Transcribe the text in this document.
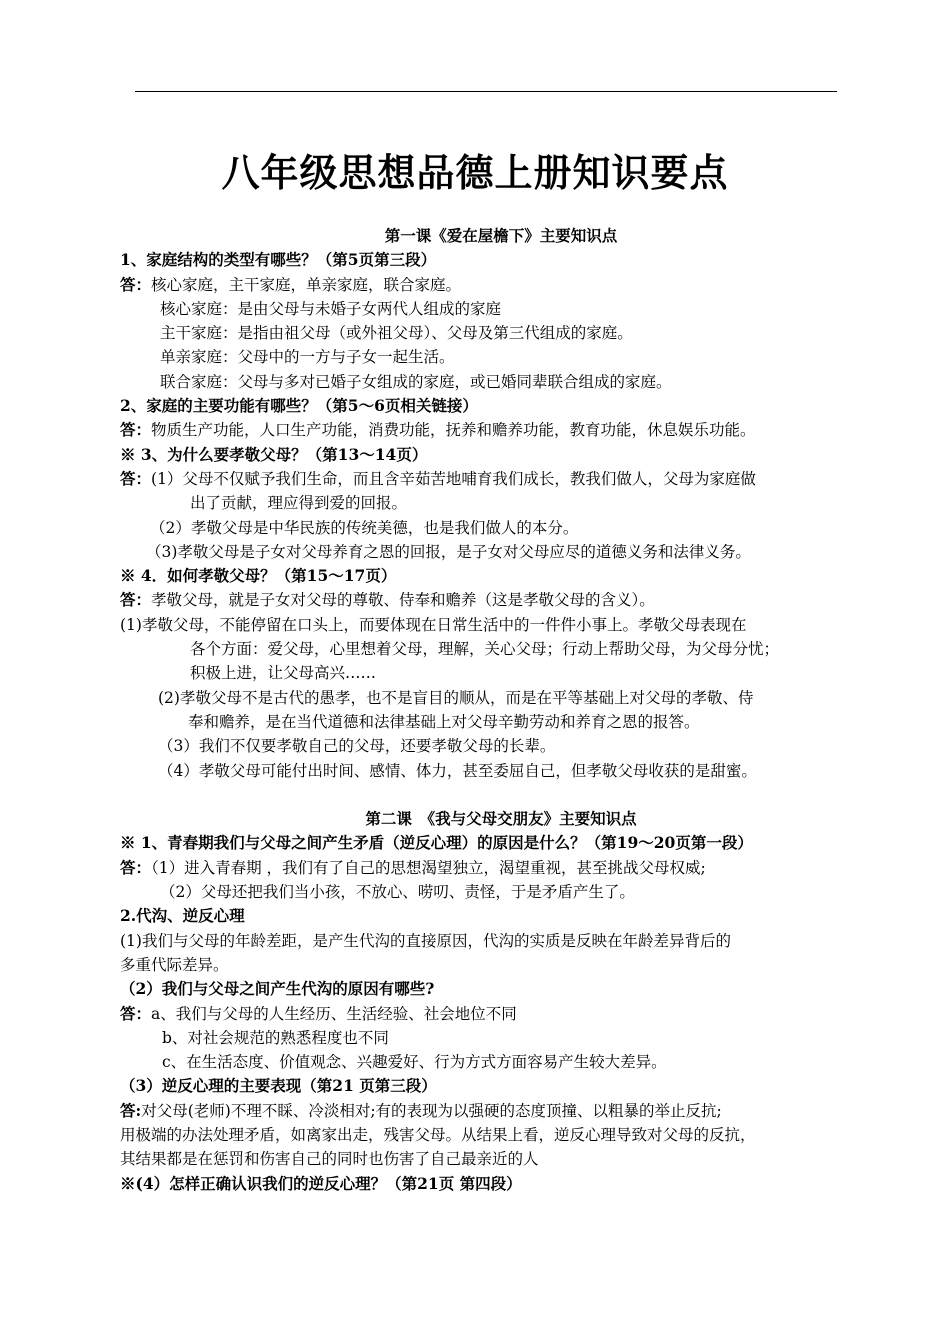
八年级思想品德上册知识要点
第一课《爱在屋檐下》主要知识点
1、家庭结构的类型有哪些？（第5页第三段）
答：核心家庭，主干家庭，单亲家庭，联合家庭。
核心家庭：是由父母与未婚子女两代人组成的家庭
主干家庭：是指由祖父母（或外祖父母）、父母及第三代组成的家庭。
单亲家庭：父母中的一方与子女一起生活。
联合家庭：父母与多对已婚子女组成的家庭，或已婚同辈联合组成的家庭。
2、家庭的主要功能有哪些？（第5～6页相关链接）
答：物质生产功能，人口生产功能，消费功能，抚养和赡养功能，教育功能，休息娱乐功能。
※ 3、为什么要孝敬父母？（第13～14页）
答：(1）父母不仅赋予我们生命，而且含辛茹苦地哺育我们成长，教我们做人，父母为家庭做
出了贡献，理应得到爱的回报。
（2）孝敬父母是中华民族的传统美德，也是我们做人的本分。
（3)孝敬父母是子女对父母养育之恩的回报，是子女对父母应尽的道德义务和法律义务。
※ 4．如何孝敬父母？（第15～17页）
答：孝敬父母，就是子女对父母的尊敬、侍奉和赡养（这是孝敬父母的含义）。
(1)孝敬父母，不能停留在口头上，而要体现在日常生活中的一件件小事上。孝敬父母表现在
各个方面：爱父母，心里想着父母，理解，关心父母；行动上帮助父母，为父母分忧；
积极上进，让父母高兴……
(2)孝敬父母不是古代的愚孝，也不是盲目的顺从，而是在平等基础上对父母的孝敬、侍
奉和赡养，是在当代道德和法律基础上对父母辛勤劳动和养育之恩的报答。
（3）我们不仅要孝敬自己的父母，还要孝敬父母的长辈。
（4）孝敬父母可能付出时间、感情、体力，甚至委屈自己，但孝敬父母收获的是甜蜜。
第二课　《我与父母交朋友》主要知识点
※ 1、青春期我们与父母之间产生矛盾（逆反心理）的原因是什么？（第19～20页第一段）
答：（1）进入青春期 ，我们有了自己的思想渴望独立，渴望重视，甚至挑战父母权威;
（2）父母还把我们当小孩，不放心、唠叨、责怪，于是矛盾产生了。
2.代沟、逆反心理
(1)我们与父母的年龄差距，是产生代沟的直接原因，代沟的实质是反映在年龄差异背后的
多重代际差异。
（2）我们与父母之间产生代沟的原因有哪些?
答：a、我们与父母的人生经历、生活经验、社会地位不同
b、对社会规范的熟悉程度也不同
c、在生活态度、价值观念、兴趣爱好、行为方式方面容易产生较大差异。
（3）逆反心理的主要表现（第21 页第三段）
答:对父母(老师)不理不睬、冷淡相对;有的表现为以强硬的态度顶撞、以粗暴的举止反抗;
用极端的办法处理矛盾，如离家出走，残害父母。从结果上看，逆反心理导致对父母的反抗，
其结果都是在惩罚和伤害自己的同时也伤害了自己最亲近的人
※(4）怎样正确认识我们的逆反心理？（第21页 第四段）
